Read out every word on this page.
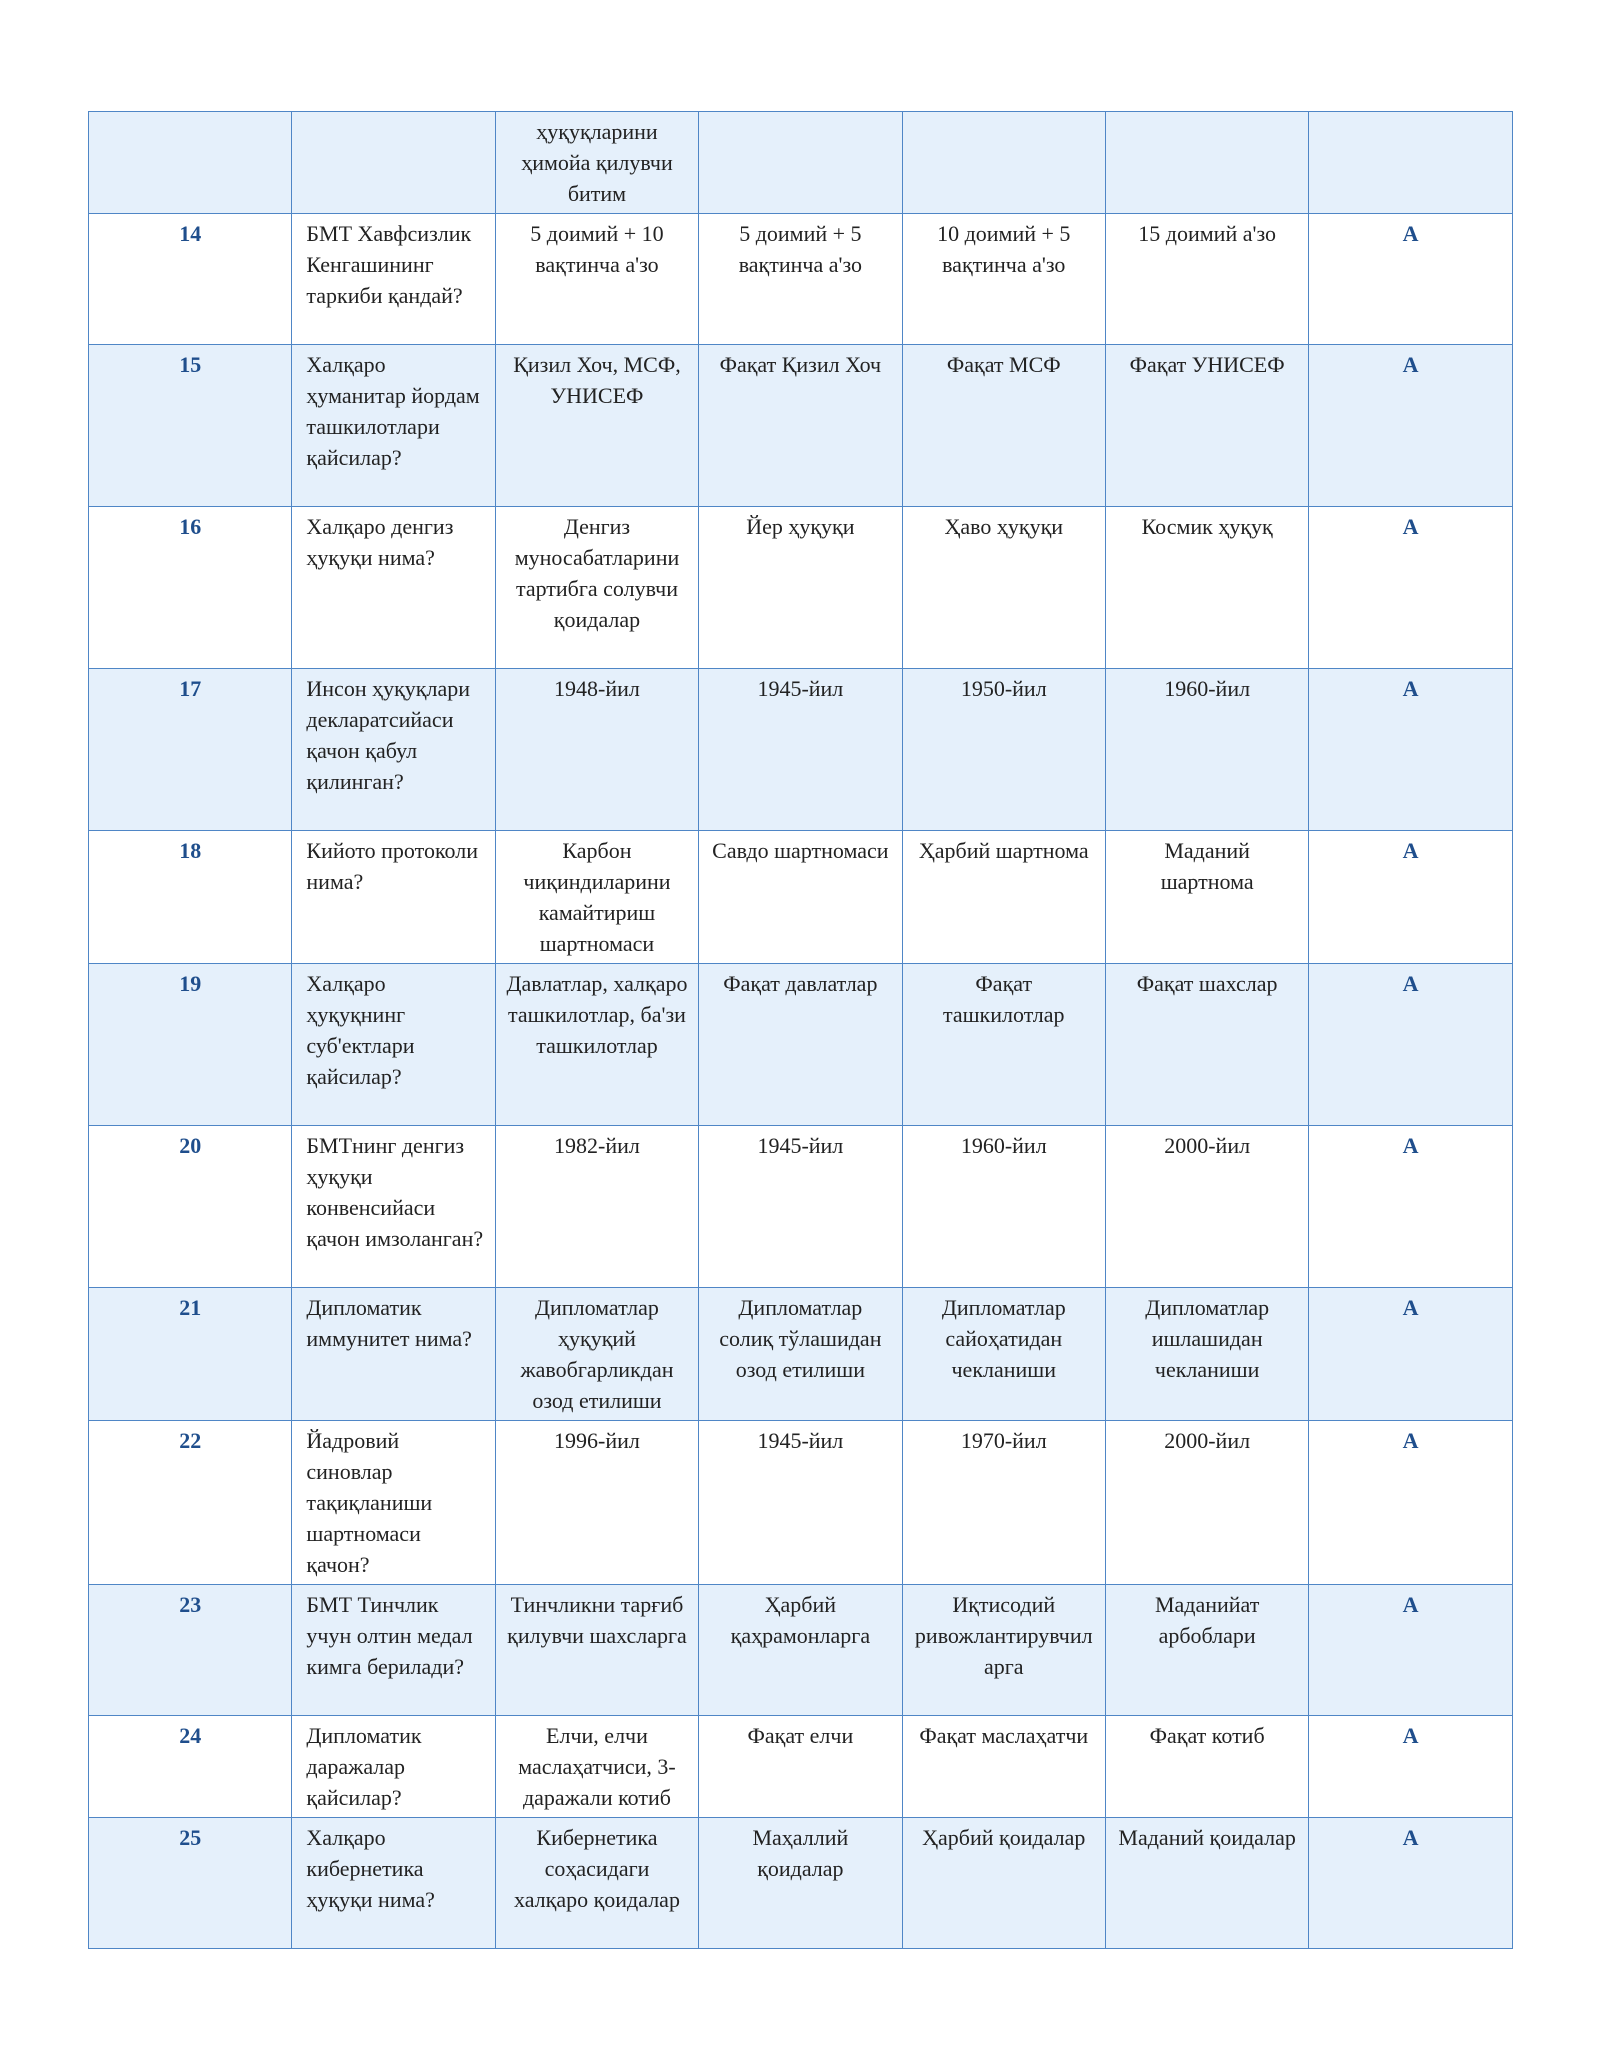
		ҳуқуқларини ҳимойа қилувчи битим				
14	БМТ Хавфсизлик Кенгашининг таркиби қандай?	5 доимий + 10 вақтинча а'зо	5 доимий + 5 вақтинча а'зо	10 доимий + 5 вақтинча а'зо	15 доимий а'зо	A
15	Халқаро ҳуманитар йордам ташкилотлари қайсилар?	Қизил Хоч, МСФ, УНИСЕФ	Фақат Қизил Хоч	Фақат МСФ	Фақат УНИСЕФ	A
16	Халқаро денгиз ҳуқуқи нима?	Денгиз муносабатларини тартибга солувчи қоидалар	Йер ҳуқуқи	Ҳаво ҳуқуқи	Космик ҳуқуқ	A
17	Инсон ҳуқуқлари декларатсийаси қачон қабул қилинган?	1948-йил	1945-йил	1950-йил	1960-йил	A
18	Кийото протоколи нима?	Карбон чиқиндиларини камайтириш шартномаси	Савдо шартномаси	Ҳарбий шартнома	Маданий шартнома	A
19	Халқаро ҳуқуқнинг суб'ектлари қайсилар?	Давлатлар, халқаро ташкилотлар, ба'зи ташкилотлар	Фақат давлатлар	Фақат ташкилотлар	Фақат шахслар	A
20	БМТнинг денгиз ҳуқуқи конвенсийаси қачон имзоланган?	1982-йил	1945-йил	1960-йил	2000-йил	A
21	Дипломатик иммунитет нима?	Дипломатлар ҳуқуқий жавобгарликдан озод етилиши	Дипломатлар солиқ тўлашидан озод етилиши	Дипломатлар сайоҳатидан чекланиши	Дипломатлар ишлашидан чекланиши	A
22	Йадровий синовлар тақиқланиши шартномаси қачон?	1996-йил	1945-йил	1970-йил	2000-йил	A
23	БМТ Тинчлик учун олтин медал кимга берилади?	Тинчликни тарғиб қилувчи шахсларга	Ҳарбий қаҳрамонларга	Иқтисодий ривожлантирувчиларга	Маданийат арбоблари	A
24	Дипломатик даражалар қайсилар?	Елчи, елчи маслаҳатчиси, 3-даражали котиб	Фақат елчи	Фақат маслаҳатчи	Фақат котиб	A
25	Халқаро кибернетика ҳуқуқи нима?	Кибернетика соҳасидаги халқаро қоидалар	Маҳаллий қоидалар	Ҳарбий қоидалар	Маданий қоидалар	A
